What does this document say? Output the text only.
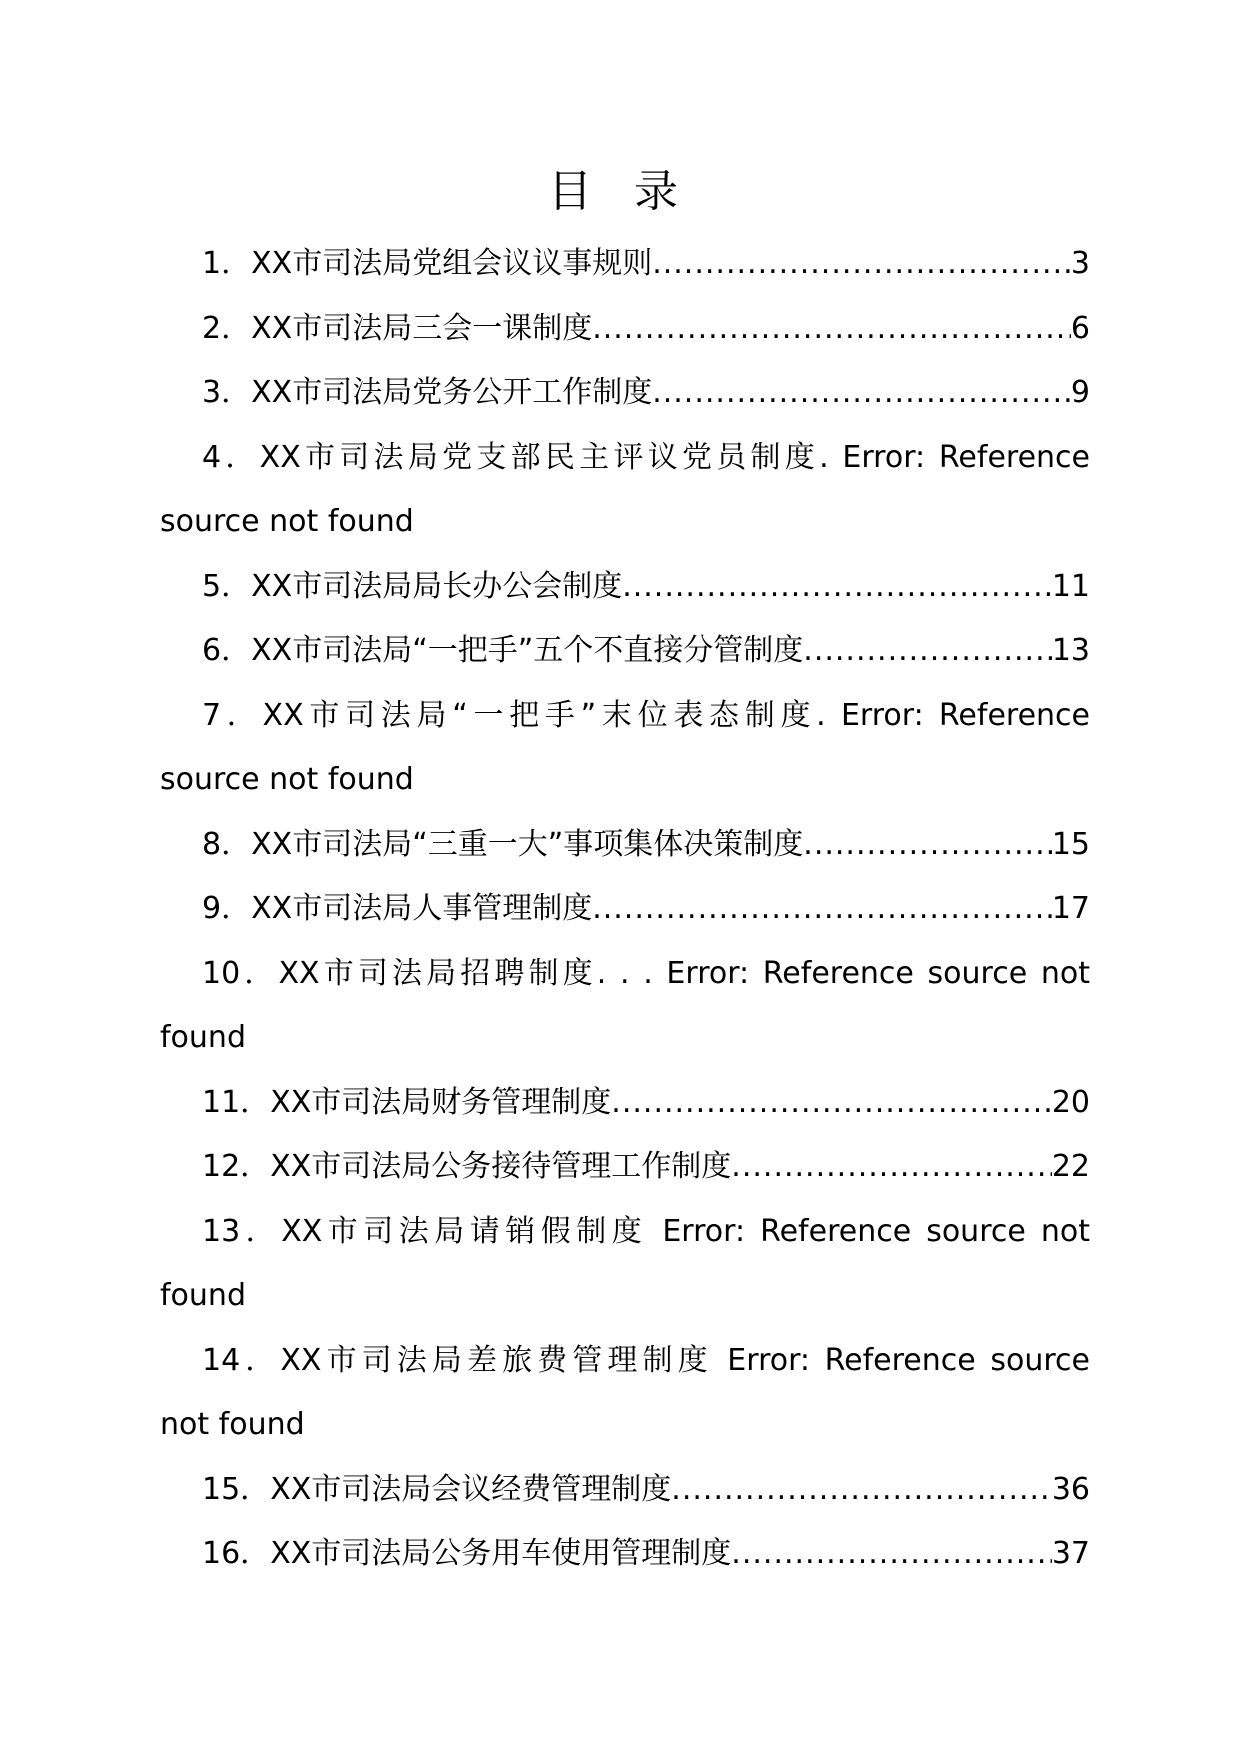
目 录
1． XX市司法局党组会议议事规则 .....	3
2． XX市司法局三会一课制度 .....	6
3． XX市司法局党务公开工作制度 .....	9
4．XX市司法局党支部民主评议党员制度. Error: Reference
source not found
5． XX市司法局局长办公会制度 .....	11
6． XX市司法局“一把手”五个不直接分管制度 .....	13
7．XX市司法局“一把手”末位表态制度. Error: Reference
source not found
8． XX市司法局“三重一大”事项集体决策制度 .....	15
9． XX市司法局人事管理制度 .....	17
10．XX市司法局招聘制度. . . Error: Reference source not
found
11． XX市司法局财务管理制度 .....	20
12． XX市司法局公务接待管理工作制度 .....	22
13．XX市司法局请销假制度 Error: Reference source not
found
14．XX市司法局差旅费管理制度 Error: Reference source
not found
15． XX市司法局会议经费管理制度 .....	36
16． XX市司法局公务用车使用管理制度 .....	37
